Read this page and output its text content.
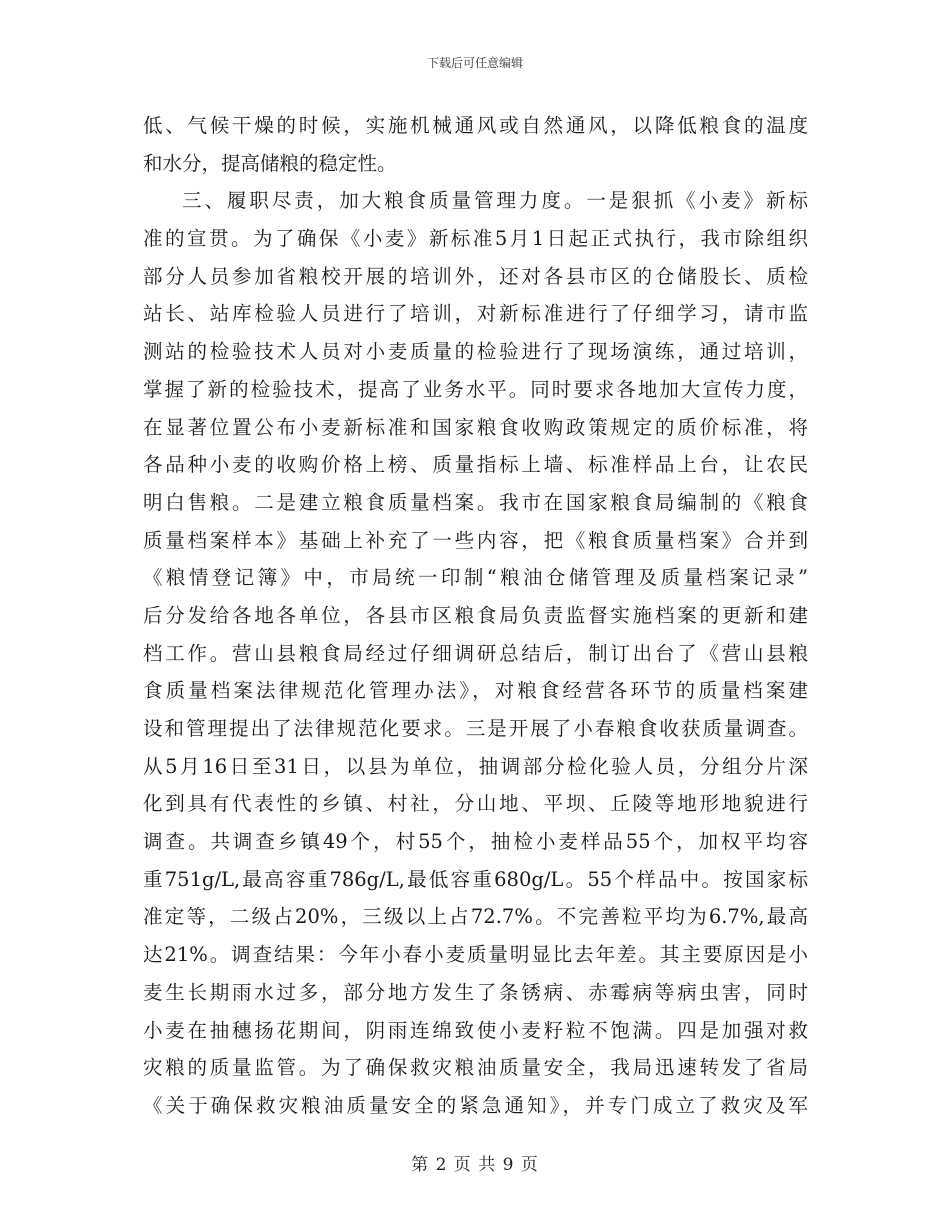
下载后可任意编辑
低、气候干燥的时候，实施机械通风或自然通风，以降低粮食的温度
和水分，提高储粮的稳定性。
三、履职尽责，加大粮食质量管理力度。一是狠抓《小麦》新标
准的宣贯。为了确保《小麦》新标准5月1日起正式执行，我市除组织
部分人员参加省粮校开展的培训外，还对各县市区的仓储股长、质检
站长、站库检验人员进行了培训，对新标准进行了仔细学习，请市监
测站的检验技术人员对小麦质量的检验进行了现场演练，通过培训，
掌握了新的检验技术，提高了业务水平。同时要求各地加大宣传力度，
在显著位置公布小麦新标准和国家粮食收购政策规定的质价标准，将
各品种小麦的收购价格上榜、质量指标上墙、标准样品上台，让农民
明白售粮。二是建立粮食质量档案。我市在国家粮食局编制的《粮食
质量档案样本》基础上补充了一些内容，把《粮食质量档案》合并到
《粮情登记簿》中，市局统一印制“粮油仓储管理及质量档案记录”
后分发给各地各单位，各县市区粮食局负责监督实施档案的更新和建
档工作。营山县粮食局经过仔细调研总结后，制订出台了《营山县粮
食质量档案法律规范化管理办法》，对粮食经营各环节的质量档案建
设和管理提出了法律规范化要求。三是开展了小春粮食收获质量调查。
从5月16日至31日，以县为单位，抽调部分检化验人员，分组分片深
化到具有代表性的乡镇、村社，分山地、平坝、丘陵等地形地貌进行
调查。共调查乡镇49个，村55个，抽检小麦样品55个，加权平均容
重751g/L,最高容重786g/L,最低容重680g/L。55个样品中。按国家标
准定等，二级占20%，三级以上占72.7%。不完善粒平均为6.7%,最高
达21%。调查结果：今年小春小麦质量明显比去年差。其主要原因是小
麦生长期雨水过多，部分地方发生了条锈病、赤霉病等病虫害，同时
小麦在抽穗扬花期间，阴雨连绵致使小麦籽粒不饱满。四是加强对救
灾粮的质量监管。为了确保救灾粮油质量安全，我局迅速转发了省局
《关于确保救灾粮油质量安全的紧急通知》，并专门成立了救灾及军
第 2 页 共 9 页
